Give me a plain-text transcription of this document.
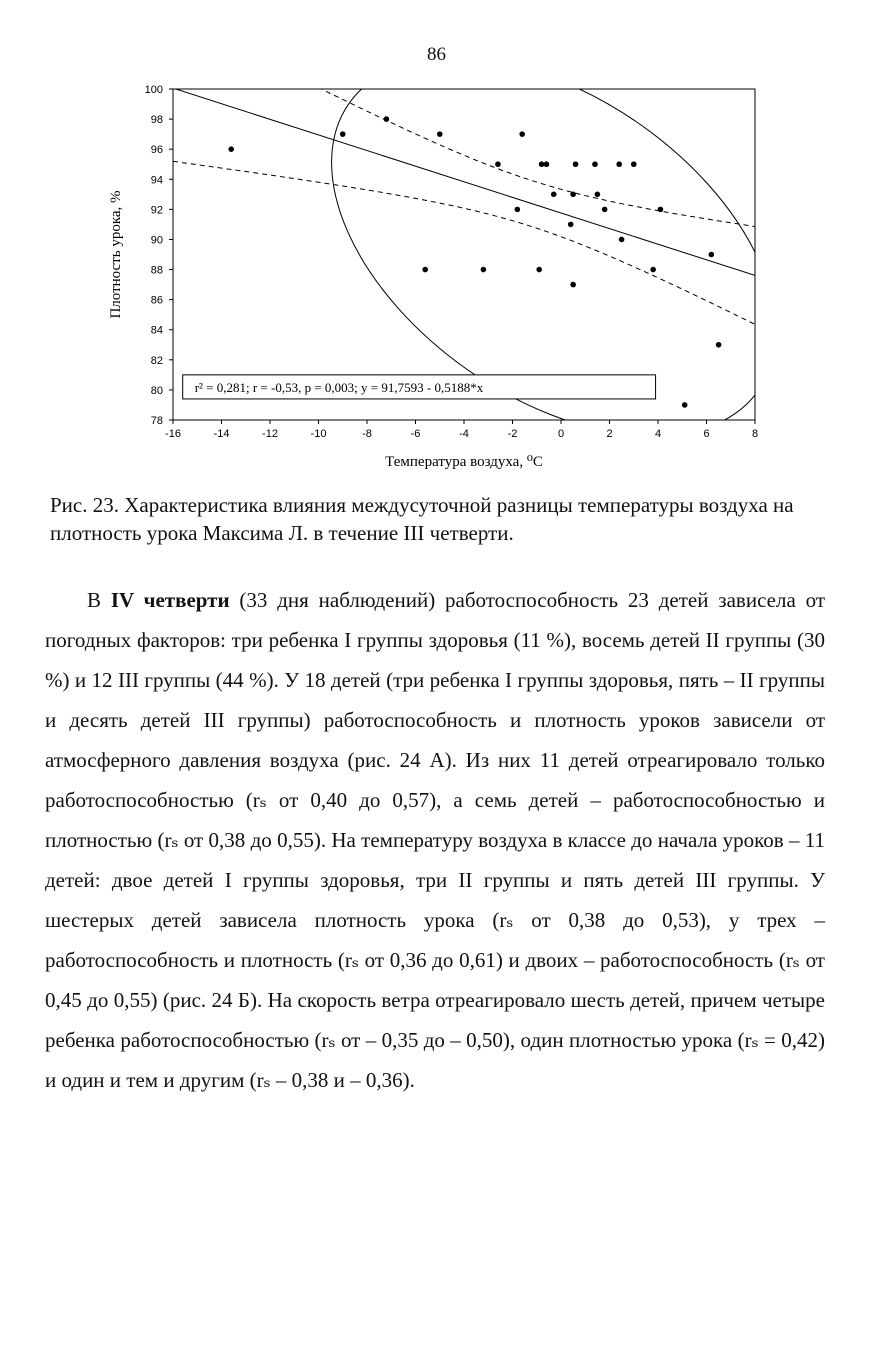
86
Плотность урока, %
Температура воздуха, ⁰С
-16	-14	-12	-10	-8	-6	-4	-2	0	2	4	6	8
78
80
82
84
86
88
90
92
94
96
98
100
r² = 0,281; r = -0,53, p = 0,003; y = 91,7593 - 0,5188*x
Рис. 23. Характеристика влияния междусуточной разницы температуры воздуха на плотность урока Максима Л. в течение III четверти.

В IV четверти (33 дня наблюдений) работоспособность 23 детей зависела от погодных факторов: три ребенка I группы здоровья (11 %), восемь детей II группы (30 %) и 12 III группы (44 %). У 18 детей (три ребенка I группы здоровья, пять – II группы и десять детей III группы) работоспособность и плотность уроков зависели от атмосферного давления воздуха (рис. 24 А). Из них 11 детей отреагировало только работоспособностью (rₛ от 0,40 до 0,57), а семь детей – работоспособностью и плотностью (rₛ от 0,38 до 0,55). На температуру воздуха в классе до начала уроков – 11 детей: двое детей I группы здоровья, три II группы и пять детей III группы. У шестерых детей зависела плотность урока (rₛ от 0,38 до 0,53), у трех – работоспособность и плотность (rₛ от 0,36 до 0,61) и двоих – работоспособность (rₛ от 0,45 до 0,55) (рис. 24 Б). На скорость ветра отреагировало шесть детей, причем четыре ребенка работоспособностью (rₛ от – 0,35 до – 0,50), один плотностью урока (rₛ = 0,42) и один и тем и другим (rₛ – 0,38 и – 0,36).
